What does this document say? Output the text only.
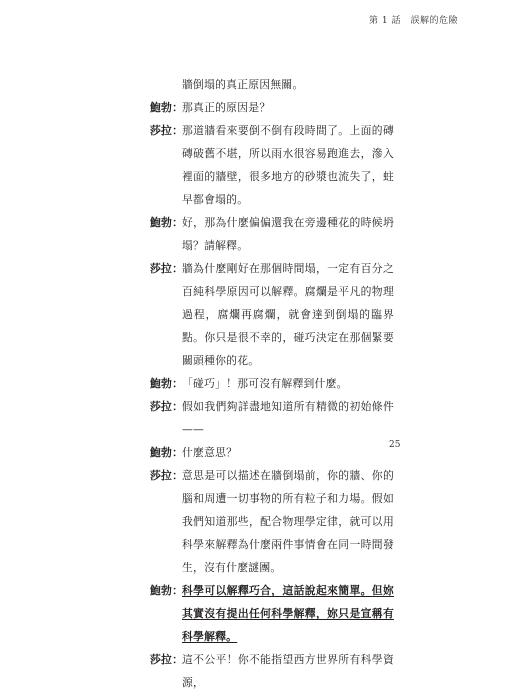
第 1 話　誤解的危險
牆倒塌的真正原因無關。
鮑勃：
那真正的原因是？
莎拉：
那道牆看來要倒不倒有段時間了。上面的磚磚破舊不堪，所以雨水很容易跑進去，滲入裡面的牆壁，很多地方的砂漿也流失了，蛀早都會塌的。
鮑勃：
好，那為什麼偏偏還我在旁邊種花的時候坍塌？請解釋。
莎拉：
牆為什麼剛好在那個時間塌，一定有百分之百純科學原因可以解釋。腐爛是平凡的物理過程，腐爛再腐爛，就會達到倒塌的臨界點。你只是很不幸的，碰巧決定在那個緊要關頭種你的花。
鮑勃：
「碰巧」！那可沒有解釋到什麼。
莎拉：
假如我們夠詳盡地知道所有精微的初始條件——
鮑勃：
什麼意思？
莎拉：
意思是可以描述在牆倒塌前，你的牆、你的腦和周遭一切事物的所有粒子和力場。假如我們知道那些，配合物理學定律，就可以用科學來解釋為什麼兩件事情會在同一時間發生，沒有什麼謎團。
鮑勃：
科學可以解釋巧合，這話說起來簡單。但妳其實沒有提出任何科學解釋，妳只是宣稱有科學解釋。
莎拉：
這不公平！你不能指望西方世界所有科學資源，
25
